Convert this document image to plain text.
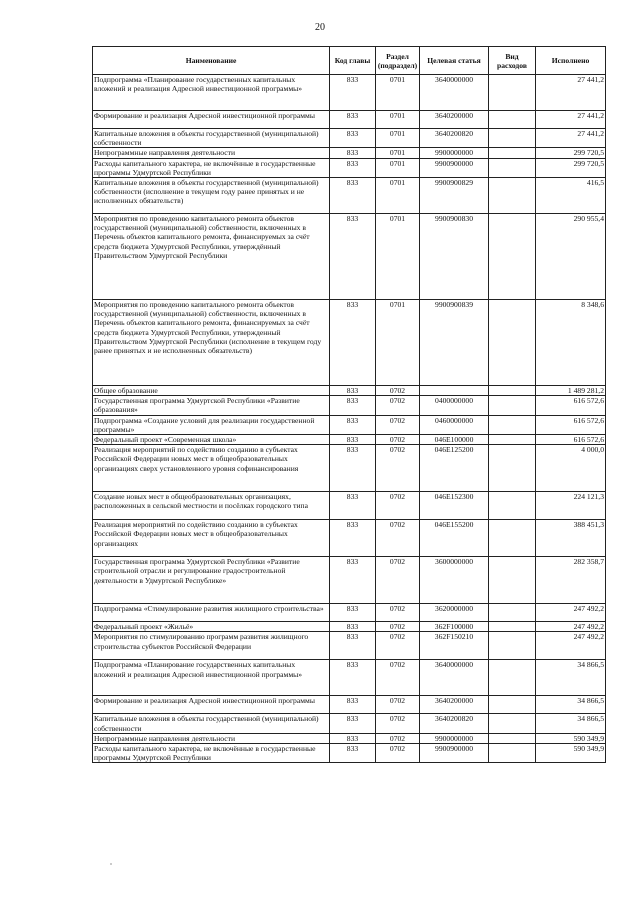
20
Наименование	Код главы	Раздел (подраздел)	Целевая статья	Вид расходов	Исполнено
Подпрограмма «Планирование государственных капитальных вложений и реализация Адресной инвестиционной программы»	833	0701	3640000000		27 441,2
Формирование и реализация Адресной инвестиционной программы	833	0701	3640200000		27 441,2
Капитальные вложения в объекты государственной (муниципальной) собственности	833	0701	3640200820		27 441,2
Непрограммные направления деятельности	833	0701	9900000000		299 720,5
Расходы капитального характера, не включённые в государственные программы Удмуртской Республики	833	0701	9900900000		299 720,5
Капитальные вложения в объекты государственной (муниципальной) собственности (исполнение в текущем году ранее принятых и не исполненных обязательств)	833	0701	9900900829		416,5
Мероприятия по проведению капитального ремонта объектов государственной (муниципальной) собственности, включенных в Перечень объектов капитального ремонта, финансируемых за счёт средств бюджета Удмуртской Республики, утверждённый Правительством Удмуртской Республики	833	0701	9900900830		290 955,4
Мероприятия по проведению капитального ремонта объектов государственной (муниципальной) собственности, включенных в Перечень объектов капитального ремонта, финансируемых за счёт средств бюджета Удмуртской Республики, утвержденный Правительством Удмуртской Республики (исполнение в текущем году ранее принятых и не исполненных обязательств)	833	0701	9900900839		8 348,6
Общее образование	833	0702			1 489 281,2
Государственная программа Удмуртской Республики «Развитие образования»	833	0702	0400000000		616 572,6
Подпрограмма «Создание условий для реализации государственной программы»	833	0702	0460000000		616 572,6
Федеральный проект «Современная школа»	833	0702	046E100000		616 572,6
Реализация мероприятий по содействию созданию в субъектах Российской Федерации новых мест в общеобразовательных организациях сверх установленного уровня софинансирования	833	0702	046E125200		4 000,0
Создание новых мест в общеобразовательных организациях, расположенных в сельской местности и посёлках городского типа	833	0702	046E152300		224 121,3
Реализация мероприятий по содействию созданию в субъектах Российской Федерации новых мест в общеобразовательных организациях	833	0702	046E155200		388 451,3
Государственная программа Удмуртской Республики «Развитие строительной отрасли и регулирование градостроительной деятельности в Удмуртской Республике»	833	0702	3600000000		282 358,7
Подпрограмма «Стимулирование развития жилищного строительства»	833	0702	3620000000		247 492,2
Федеральный проект «Жильё»	833	0702	362F100000		247 492,2
Мероприятия по стимулированию программ развития жилищного строительства субъектов Российской Федерации	833	0702	362F150210		247 492,2
Подпрограмма «Планирование государственных капитальных вложений и реализация Адресной инвестиционной программы»	833	0702	3640000000		34 866,5
Формирование и реализация Адресной инвестиционной программы	833	0702	3640200000		34 866,5
Капитальные вложения в объекты государственной (муниципальной) собственности	833	0702	3640200820		34 866,5
Непрограммные направления деятельности	833	0702	9900000000		590 349,9
Расходы капитального характера, не включённые в государственные программы Удмуртской Республики	833	0702	9900900000		590 349,9
